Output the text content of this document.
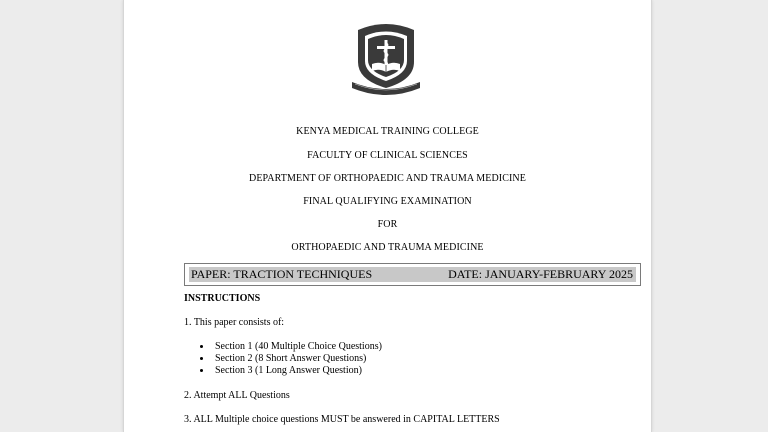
KENYA MEDICAL TRAINING COLLEGE
FACULTY OF CLINICAL SCIENCES
DEPARTMENT OF ORTHOPAEDIC AND TRAUMA MEDICINE
FINAL QUALIFYING EXAMINATION
FOR
ORTHOPAEDIC AND TRAUMA MEDICINE
PAPER: TRACTION TECHNIQUES	DATE: JANUARY-FEBRUARY 2025
INSTRUCTIONS
1. This paper consists of:
Section 1 (40 Multiple Choice Questions)
Section 2 (8 Short Answer Questions)
Section 3 (1 Long Answer Question)
2. Attempt ALL Questions
3. ALL Multiple choice questions MUST be answered in CAPITAL LETTERS
